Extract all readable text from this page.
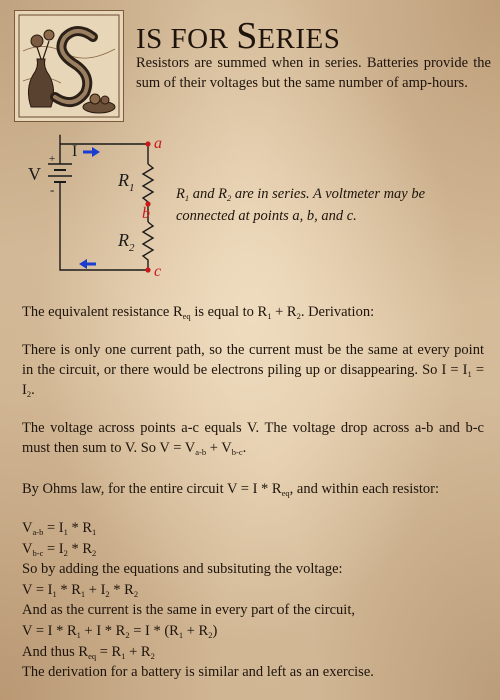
IS FOR SERIES

Resistors are summed when in series. Batteries provide the sum of their voltages but the same number of amp-hours.

V
+
-
I
$R_1$
$R_2$
a
b
c

$R_1$ and $R_2$ are in series. A voltmeter may be connected at points a, b, and c.

The equivalent resistance $R_{eq}$ is equal to $R_1 + R_2$. Derivation:

There is only one current path, so the current must be the same at every point in the circuit, or there would be electrons piling up or disappearing. So $I = I_1 = I_2$.

The voltage across points a-c equals V. The voltage drop across a-b and b-c must then sum to V. So $V = V_{a-b} + V_{b-c}$.

By Ohms law, for the entire circuit $V = I * R_{eq}$, and within each resistor:

$V_{a-b} = I_1 * R_1$
$V_{b-c} = I_2 * R_2$
So by adding the equations and subsituting the voltage:
$V = I_1 * R_1 + I_2 * R_2$
And as the current is the same in every part of the circuit,
$V = I * R_1 + I * R_2 = I * (R_1 + R_2)$
And thus $R_{eq} = R_1 + R_2$
The derivation for a battery is similar and left as an exercise.
